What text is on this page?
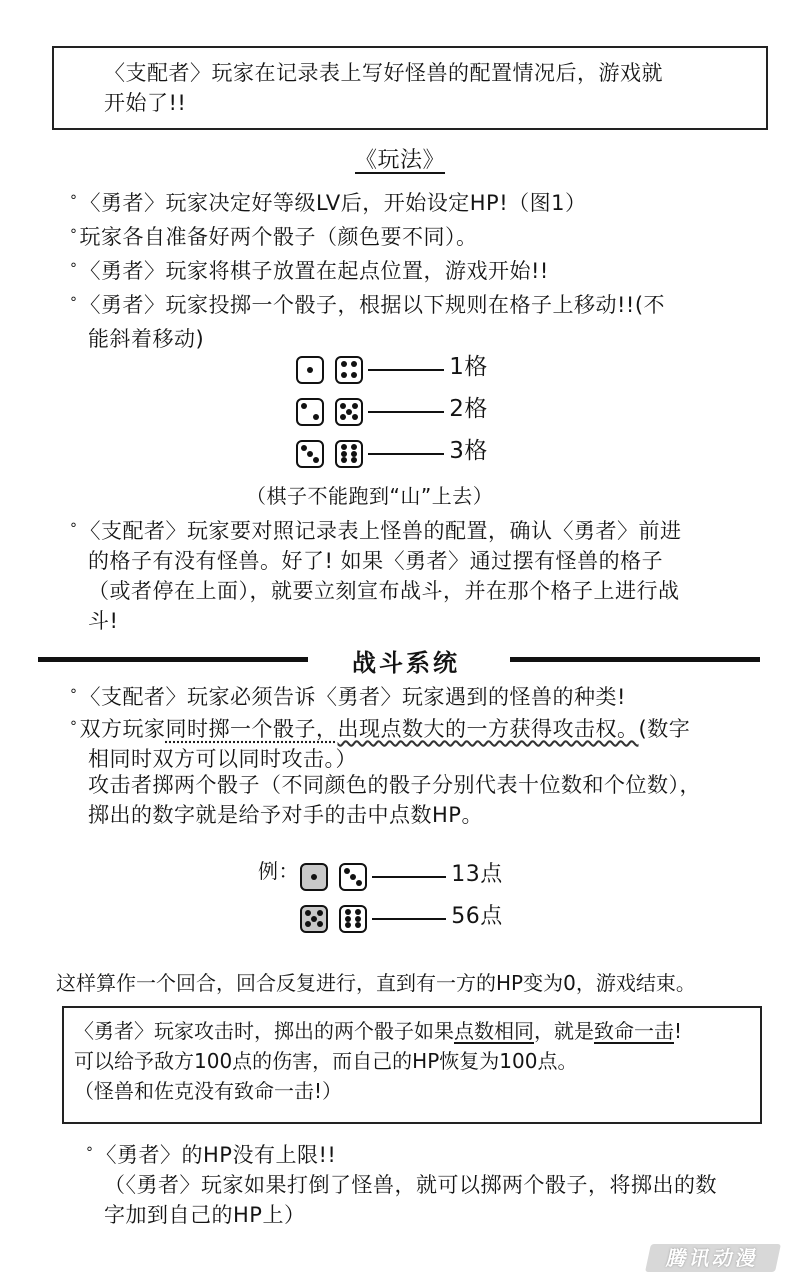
〈支配者〉玩家在记录表上写好怪兽的配置情况后，游戏就
开始了!!
《玩法》
°〈勇者〉玩家决定好等级LV后，开始设定HP!（图1）
°玩家各自准备好两个骰子（颜色要不同）。
°〈勇者〉玩家将棋子放置在起点位置，游戏开始!!
°〈勇者〉玩家投掷一个骰子，根据以下规则在格子上移动!!(不
能斜着移动)

1格

2格

3格
（棋子不能跑到“山”上去）
°〈支配者〉玩家要对照记录表上怪兽的配置，确认〈勇者〉前进
的格子有没有怪兽。好了! 如果〈勇者〉通过摆有怪兽的格子
（或者停在上面），就要立刻宣布战斗，并在那个格子上进行战
斗!
战斗系统
°〈支配者〉玩家必须告诉〈勇者〉玩家遇到的怪兽的种类!
°双方玩家同时掷一个骰子，出现点数大的一方获得攻击权。(数字
相同时双方可以同时攻击。）
攻击者掷两个骰子（不同颜色的骰子分别代表十位数和个位数），
掷出的数字就是给予对手的击中点数HP。
例：
	13点

56点
这样算作一个回合，回合反复进行，直到有一方的HP变为0，游戏结束。
〈勇者〉玩家攻击时，掷出的两个骰子如果点数相同，就是致命一击!
可以给予敌方100点的伤害，而自己的HP恢复为100点。
（怪兽和佐克没有致命一击!）
°〈勇者〉的HP没有上限!!
（〈勇者〉玩家如果打倒了怪兽，就可以掷两个骰子，将掷出的数
字加到自己的HP上）
腾讯动漫
